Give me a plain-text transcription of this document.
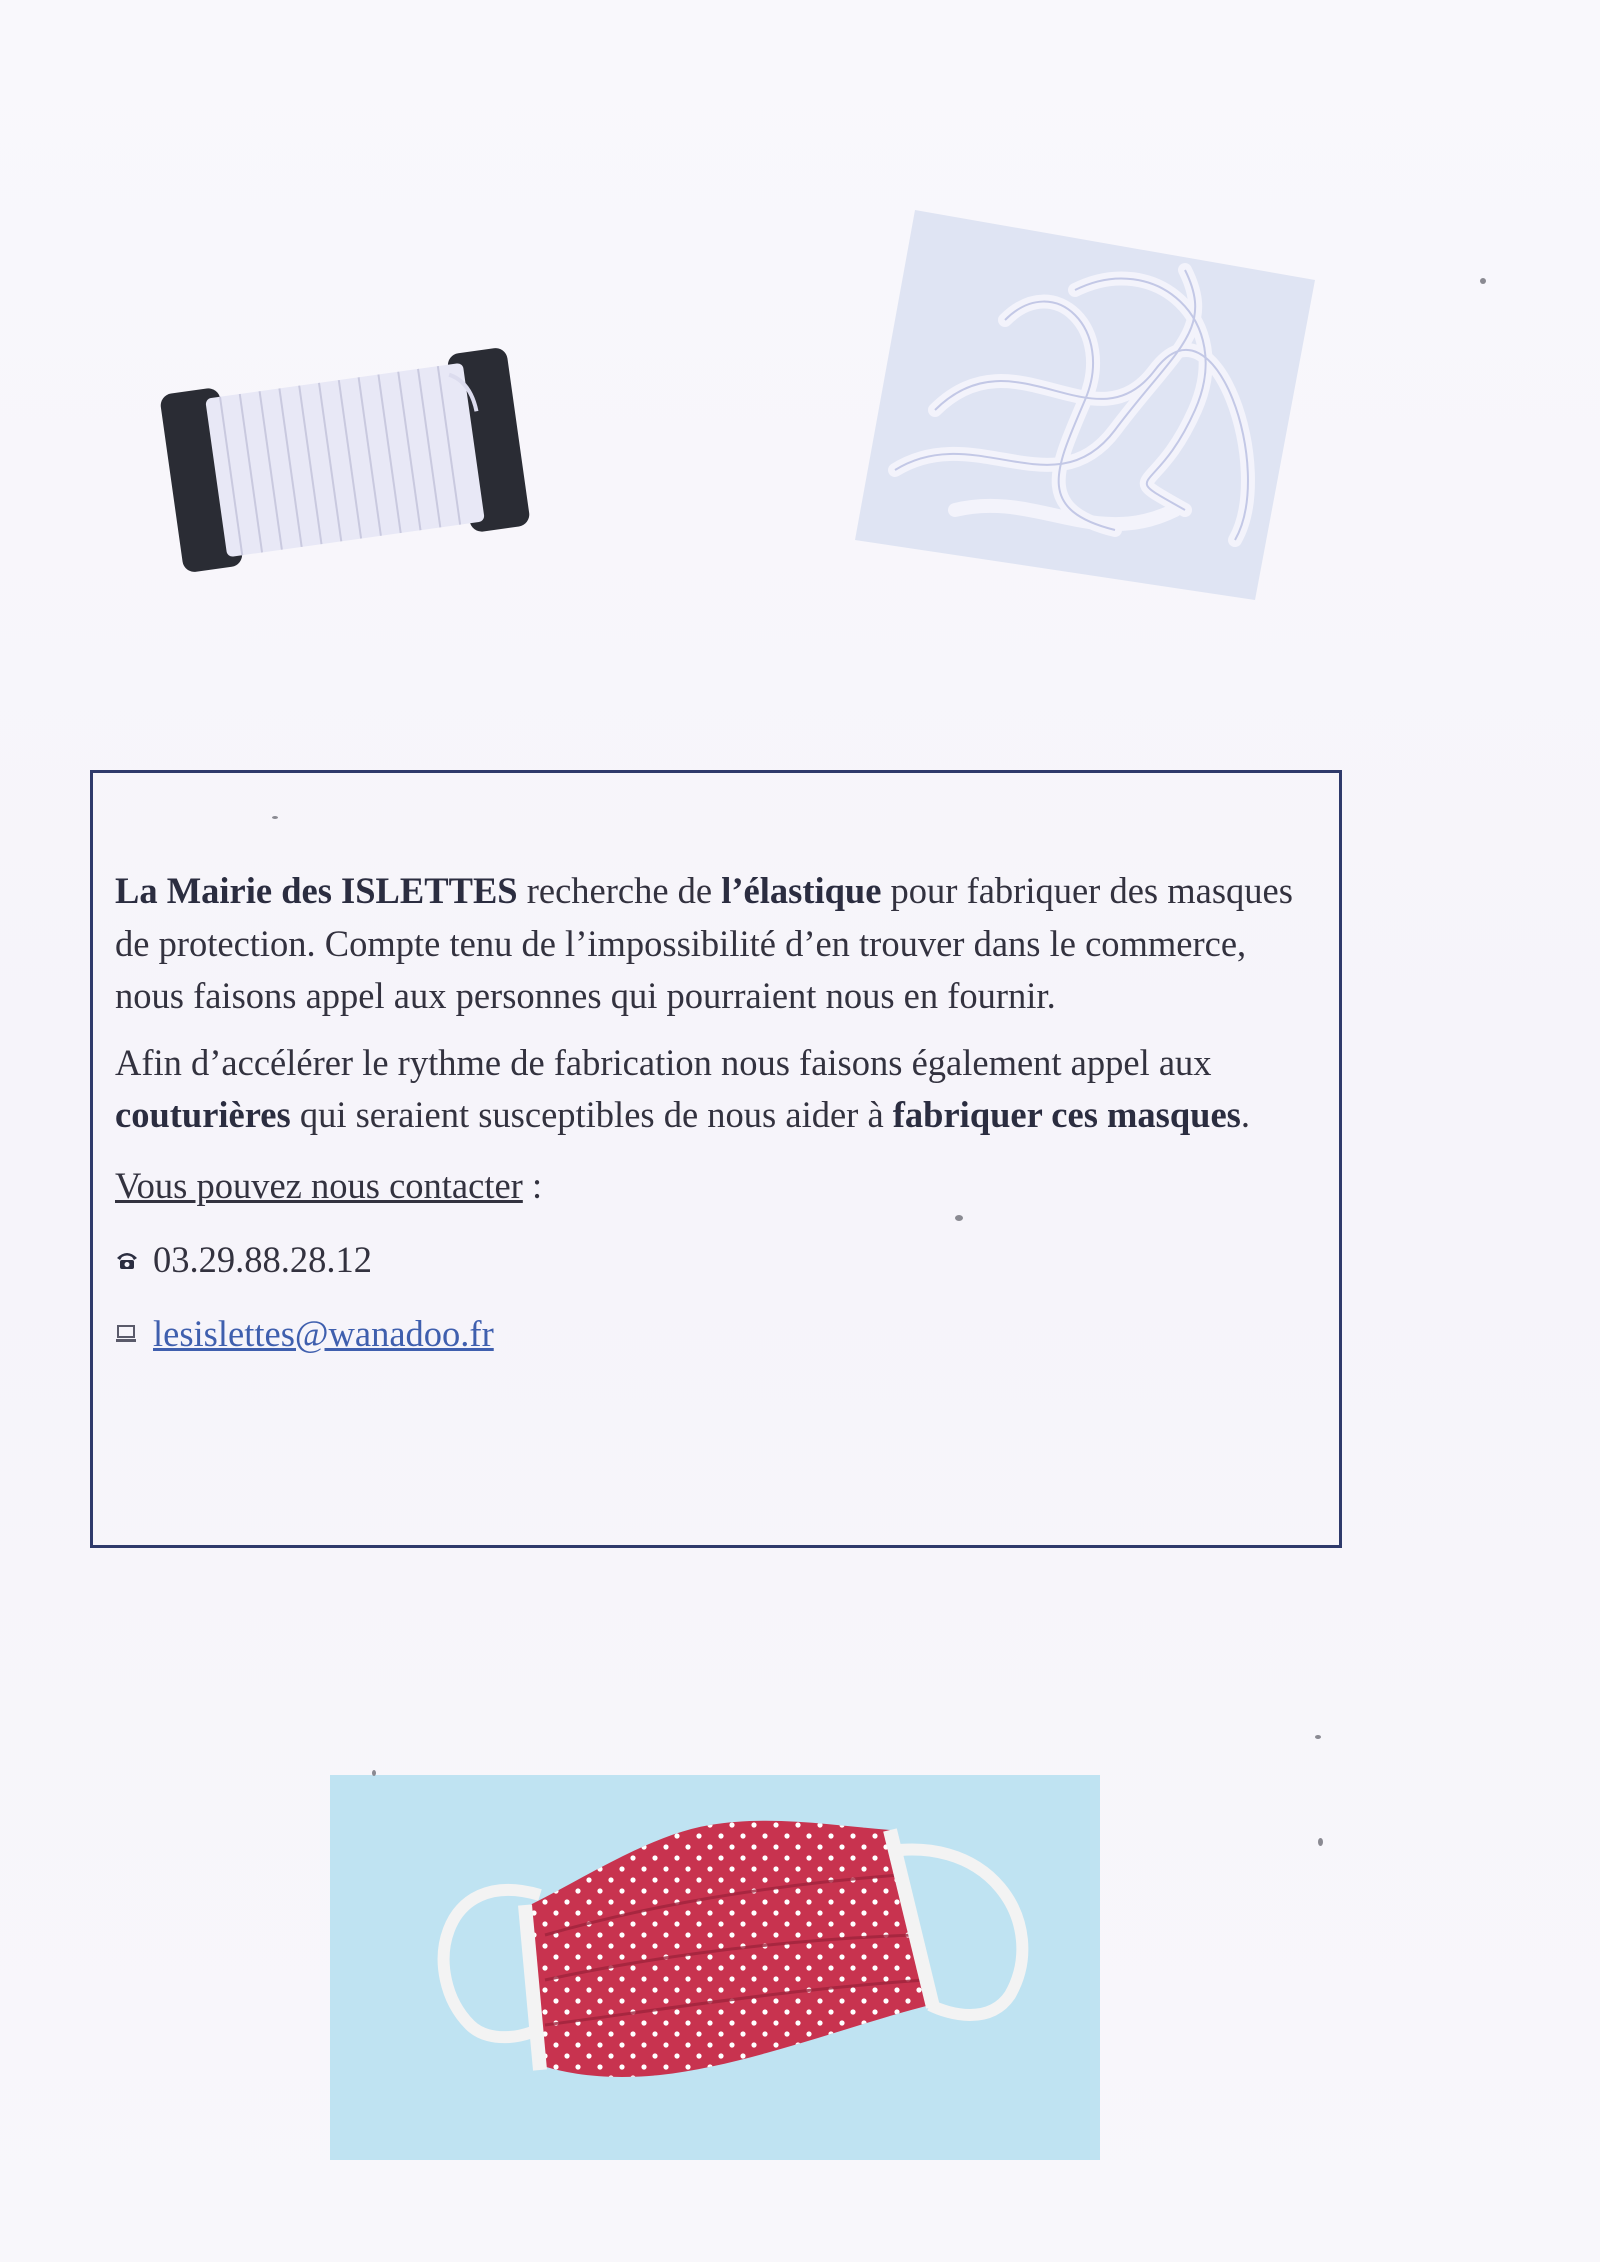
La Mairie des ISLETTES recherche de l’élastique pour fabriquer des masques de protection. Compte tenu de l’impossibilité d’en trouver dans le commerce, nous faisons appel aux personnes qui pourraient nous en fournir.

Afin d’accélérer le rythme de fabrication nous faisons également appel aux couturières qui seraient susceptibles de nous aider à fabriquer ces masques.

Vous pouvez nous contacter :

03.29.88.28.12
lesislettes@wanadoo.fr
